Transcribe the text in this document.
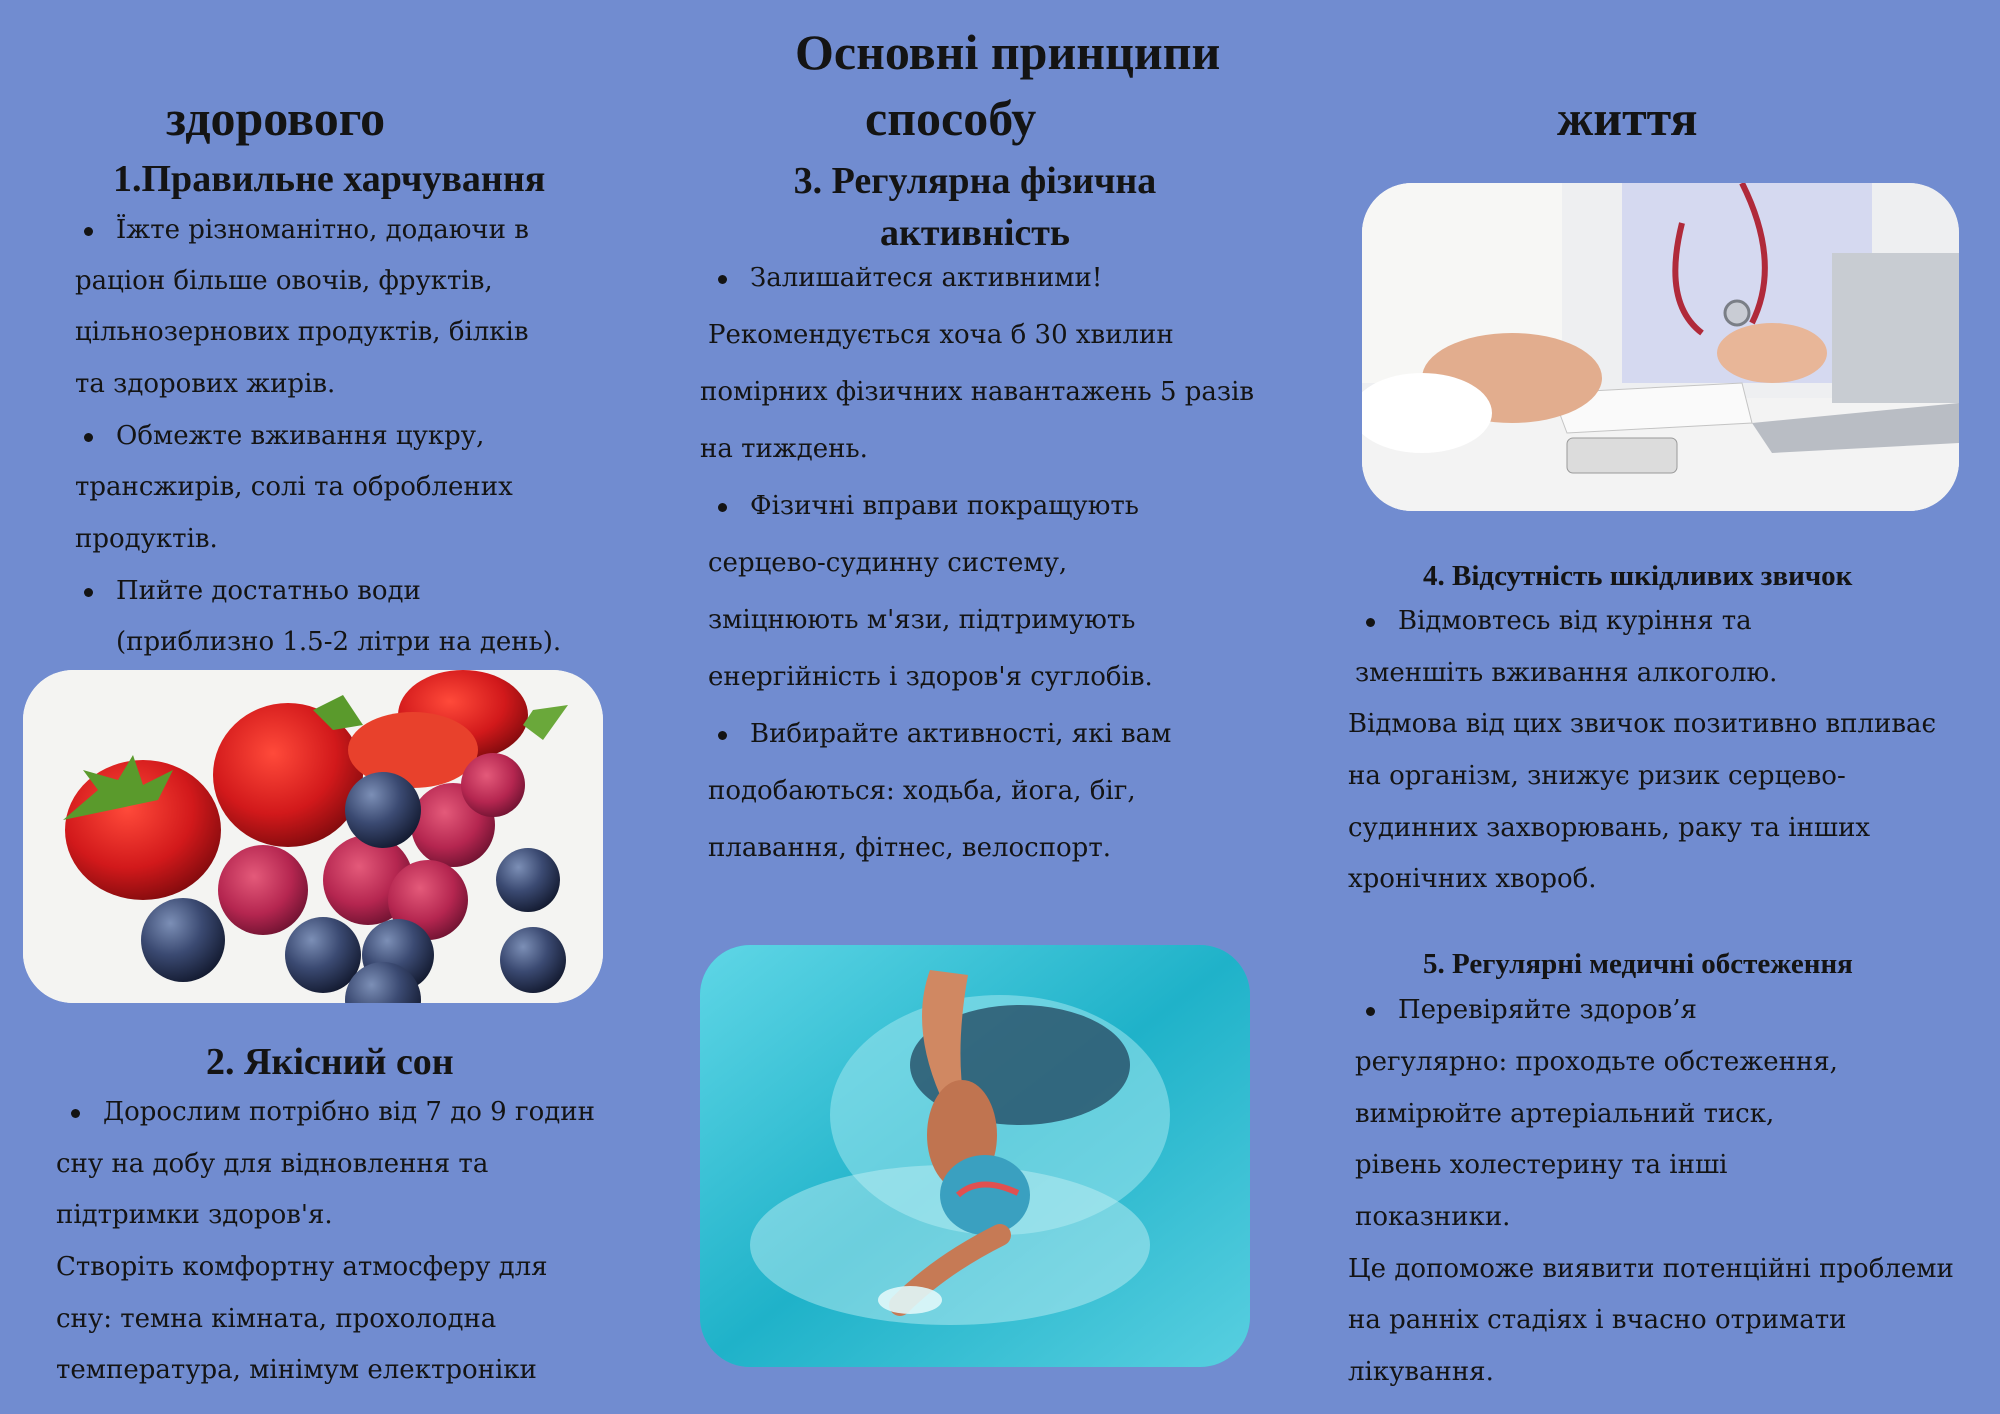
Основні принципи
здорового	способу	життя
1.Правильне харчування
Їжте різноманітно, додаючи в
раціон більше овочів, фруктів,
цільнозернових продуктів, білків
та здорових жирів.
Обмежте вживання цукру,
трансжирів, солі та оброблених
продуктів.
Пийте достатньо води
(приблизно 1.5-2 літри на день).
2. Якісний сон
Дорослим потрібно від 7 до 9 годин
сну на добу для відновлення та
підтримки здоров'я.
Створіть комфортну атмосферу для
сну: темна кімната, прохолодна
температура, мінімум електроніки
3. Регулярна фізична
активність
Залишайтеся активними!
Рекомендується хоча б 30 хвилин
помірних фізичних навантажень 5 разів
на тиждень.
Фізичні вправи покращують
серцево-судинну систему,
зміцнюють м'язи, підтримують
енергійність і здоров'я суглобів.
Вибирайте активності, які вам
подобаються: ходьба, йога, біг,
плавання, фітнес, велоспорт.
4. Відсутність шкідливих звичок
Відмовтесь від куріння та
зменшіть вживання алкоголю.
Відмова від цих звичок позитивно впливає
на організм, знижує ризик серцево-
судинних захворювань, раку та інших
хронічних хвороб.
5. Регулярні медичні обстеження
Перевіряйте здоров’я
регулярно: проходьте обстеження,
вимірюйте артеріальний тиск,
рівень холестерину та інші
показники.
Це допоможе виявити потенційні проблеми
на ранніх стадіях і вчасно отримати
лікування.
